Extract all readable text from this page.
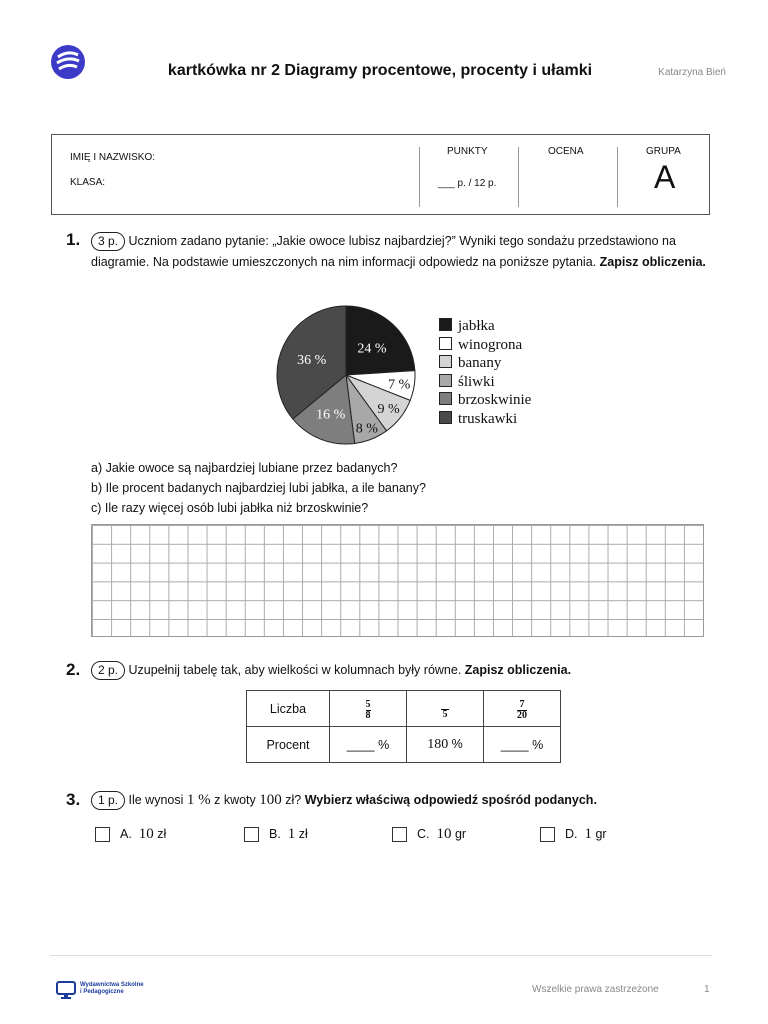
kartkówka nr 2 Diagramy procentowe, procenty i ułamki	Katarzyna Bień
IMIĘ I NAZWISKO:
KLASA:
PUNKTY
___ p. / 12 p.
OCENA	GRUPA
A
1.	3 p. Uczniom zadano pytanie: „Jakie owoce lubisz najbardziej?” Wyniki tego sondażu przedstawiono na diagramie. Na podstawie umieszczonych na nim informacji odpowiedz na poniższe pytania. Zapisz obliczenia.
24 %
7 %
9 %
8 %
16 %
36 %
jabłka
winogrona
banany
śliwki
brzoskwinie
truskawki
a) Jakie owoce są najbardziej lubiane przez badanych?
b) Ile procent badanych najbardziej lubi jabłka, a ile banany?
c) Ile razy więcej osób lubi jabłka niż brzoskwinie?
2.	2 p. Uzupełnij tabelę tak, aby wielkości w kolumnach były równe. Zapisz obliczenia.
Liczba	$\frac{5}{8}$	5	$\frac{7}{20}$

Procent	____ %	180 %	____ %
3.	1 p. Ile wynosi 1 % z kwoty 100 zł? Wybierz właściwą odpowiedź spośród podanych.
A. 10 zł	B. 1 zł	C. 10 gr	D. 1 gr
Wydawnictwa Szkolne
i Pedagogiczne	Wszelkie prawa zastrzeżone	1
